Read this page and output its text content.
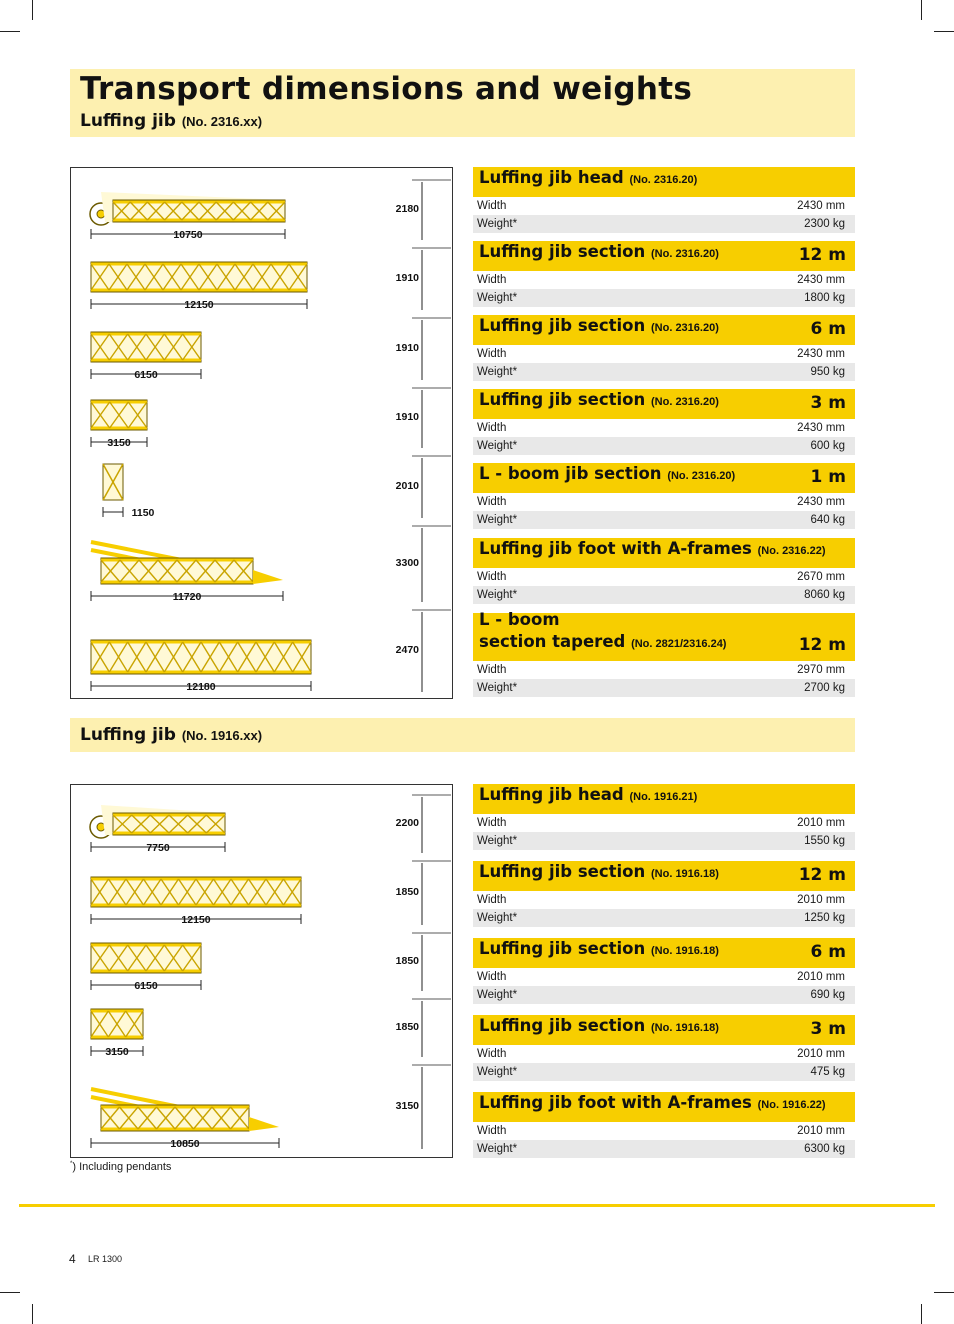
Transport dimensions and weights
Luffing jib (No. 2316.xx)
10750
2180
12150
1910
6150
1910
3150
1910
1150
2010
11720
3300
12180
2470
Luffing jib head (No. 2316.20)
Width	2430 mm
Weight*	2300 kg
Luffing jib section (No. 2316.20)	12 m
Width	2430 mm
Weight*	1800 kg
Luffing jib section (No. 2316.20)	6 m
Width	2430 mm
Weight*	950 kg
Luffing jib section (No. 2316.20)	3 m
Width	2430 mm
Weight*	600 kg
L - boom jib section (No. 2316.20)	1 m
Width	2430 mm
Weight*	640 kg
Luffing jib foot with A-frames (No. 2316.22)
Width	2670 mm
Weight*	8060 kg
L - boom
section tapered (No. 2821/2316.24)	12 m
Width	2970 mm
Weight*	2700 kg
Luffing jib (No. 1916.xx)
7750
2200
12150
1850
6150
1850
3150
1850
10850
3150
Luffing jib head (No. 1916.21)
Width	2010 mm
Weight*	1550 kg
Luffing jib section (No. 1916.18)	12 m
Width	2010 mm
Weight*	1250 kg
Luffing jib section (No. 1916.18)	6 m
Width	2010 mm
Weight*	690 kg
Luffing jib section (No. 1916.18)	3 m
Width	2010 mm
Weight*	475 kg
Luffing jib foot with A-frames (No. 1916.22)
Width	2010 mm
Weight*	6300 kg
*) Including pendants
4 LR 1300
